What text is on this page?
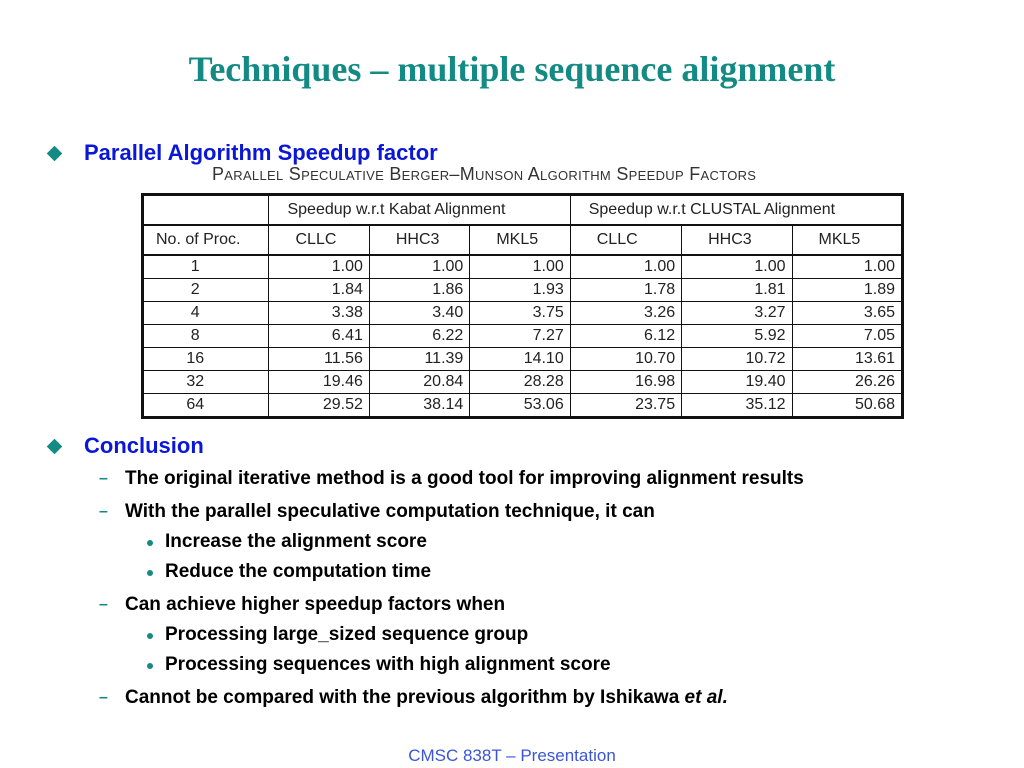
Techniques – multiple sequence alignment
Parallel Algorithm Speedup factor
Parallel Speculative Berger–Munson Algorithm Speedup Factors
	Speedup w.r.t Kabat Alignment			Speedup w.r.t CLUSTAL Alignment		
No. of Proc.	CLLC	HHC3	MKL5	CLLC	HHC3	MKL5
1	1.00	1.00	1.00	1.00	1.00	1.00
2	1.84	1.86	1.93	1.78	1.81	1.89
4	3.38	3.40	3.75	3.26	3.27	3.65
8	6.41	6.22	7.27	6.12	5.92	7.05
16	11.56	11.39	14.10	10.70	10.72	13.61
32	19.46	20.84	28.28	16.98	19.40	26.26
64	29.52	38.14	53.06	23.75	35.12	50.68
Conclusion
– The original iterative method is a good tool for improving alignment results
– With the parallel speculative computation technique, it can
Increase the alignment score
Reduce the computation time
– Can achieve higher speedup factors when
Processing large_sized sequence group
Processing sequences with high alignment score
– Cannot be compared with the previous algorithm by Ishikawa et al.
CMSC 838T – Presentation
